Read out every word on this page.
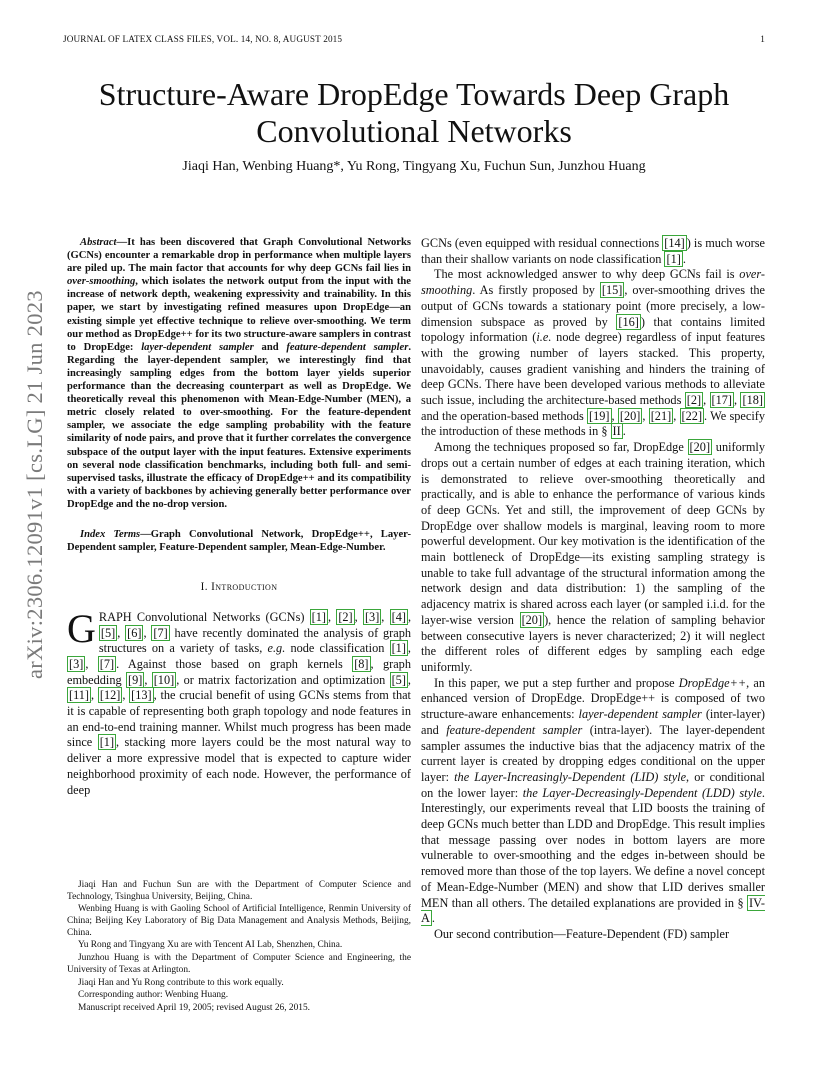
JOURNAL OF LATEX CLASS FILES, VOL. 14, NO. 8, AUGUST 2015	1
Structure-Aware DropEdge Towards Deep Graph Convolutional Networks
Jiaqi Han, Wenbing Huang*, Yu Rong, Tingyang Xu, Fuchun Sun, Junzhou Huang
arXiv:2306.12091v1 [cs.LG] 21 Jun 2023

Abstract—It has been discovered that Graph Convolutional Networks (GCNs) encounter a remarkable drop in performance when multiple layers are piled up. The main factor that accounts for why deep GCNs fail lies in over-smoothing, which isolates the network output from the input with the increase of network depth, weakening expressivity and trainability. In this paper, we start by investigating refined measures upon DropEdge—an existing simple yet effective technique to relieve over-smoothing. We term our method as DropEdge++ for its two structure-aware samplers in contrast to DropEdge: layer-dependent sampler and feature-dependent sampler. Regarding the layer-dependent sampler, we interestingly find that increasingly sampling edges from the bottom layer yields superior performance than the decreasing counterpart as well as DropEdge. We theoretically reveal this phenomenon with Mean-Edge-Number (MEN), a metric closely related to over-smoothing. For the feature-dependent sampler, we associate the edge sampling probability with the feature similarity of node pairs, and prove that it further correlates the convergence subspace of the output layer with the input features. Extensive experiments on several node classification benchmarks, including both full- and semi- supervised tasks, illustrate the efficacy of DropEdge++ and its compatibility with a variety of backbones by achieving generally better performance over DropEdge and the no-drop version.

Index Terms—Graph Convolutional Network, DropEdge++, Layer-Dependent sampler, Feature-Dependent sampler, Mean-Edge-Number.

I. Introduction

GRAPH Convolutional Networks (GCNs) [1] , [2] , [3] , [4] , [5] , [6] , [7] have recently dominated the analysis of graph structures on a variety of tasks, e.g. node classification [1] , [3] , [7] . Against those based on graph kernels [8] , graph embedding [9] , [10] , or matrix factorization and optimization [5] , [11] , [12] , [13] , the crucial benefit of using GCNs stems from that it is capable of representing both graph topology and node features in an end-to-end training manner. Whilst much progress has been made since [1] , stacking more layers could be the most natural way to deliver a more expressive model that is expected to capture wider neighborhood proximity of each node. However, the performance of deep

Jiaqi Han and Fuchun Sun are with the Department of Computer Science and Technology, Tsinghua University, Beijing, China.

Wenbing Huang is with Gaoling School of Artificial Intelligence, Renmin University of China; Beijing Key Laboratory of Big Data Management and Analysis Methods, Beijing, China.

Yu Rong and Tingyang Xu are with Tencent AI Lab, Shenzhen, China.

Junzhou Huang is with the Department of Computer Science and Engineering, the University of Texas at Arlington.

Jiaqi Han and Yu Rong contribute to this work equally.

Corresponding author: Wenbing Huang.

Manuscript received April 19, 2005; revised August 26, 2015.

GCNs (even equipped with residual connections [14] ) is much worse than their shallow variants on node classification [1] .

The most acknowledged answer to why deep GCNs fail is over-smoothing. As firstly proposed by [15] , over-smoothing drives the output of GCNs towards a stationary point (more precisely, a low-dimension subspace as proved by [16] ) that contains limited topology information (i.e. node degree) regardless of input features with the growing number of layers stacked. This property, unavoidably, causes gradient vanishing and hinders the training of deep GCNs. There have been developed various methods to alleviate such issue, including the architecture-based methods [2] , [17] , [18] and the operation-based methods [19] , [20] , [21] , [22] . We specify the introduction of these methods in § II .

Among the techniques proposed so far, DropEdge [20] uniformly drops out a certain number of edges at each training iteration, which is demonstrated to relieve over-smoothing theoretically and practically, and is able to enhance the performance of various kinds of deep GCNs. Yet and still, the improvement of deep GCNs by DropEdge over shallow models is marginal, leaving room to more powerful development. Our key motivation is the identification of the main bottleneck of DropEdge—its existing sampling strategy is unable to take full advantage of the structural information among the network design and data distribution: 1) the sampling of the adjacency matrix is shared across each layer (or sampled i.i.d. for the layer-wise version [20] ), hence the relation of sampling behavior between consecutive layers is never characterized; 2) it will neglect the different roles of different edges by sampling each edge uniformly.

In this paper, we put a step further and propose DropEdge++, an enhanced version of DropEdge. DropEdge++ is composed of two structure-aware enhancements: layer-dependent sampler (inter-layer) and feature-dependent sampler (intra-layer). The layer-dependent sampler assumes the inductive bias that the adjacency matrix of the current layer is created by dropping edges conditional on the upper layer: the Layer-Increasingly-Dependent (LID) style, or conditional on the lower layer: the Layer-Decreasingly-Dependent (LDD) style. Interestingly, our experiments reveal that LID boosts the training of deep GCNs much better than LDD and DropEdge. This result implies that message passing over nodes in bottom layers are more vulnerable to over-smoothing and the edges in-between should be removed more than those of the top layers. We define a novel concept of Mean-Edge-Number (MEN) and show that LID derives smaller MEN than all others. The detailed explanations are provided in § IV-A .

Our second contribution—Feature-Dependent (FD) sampler
